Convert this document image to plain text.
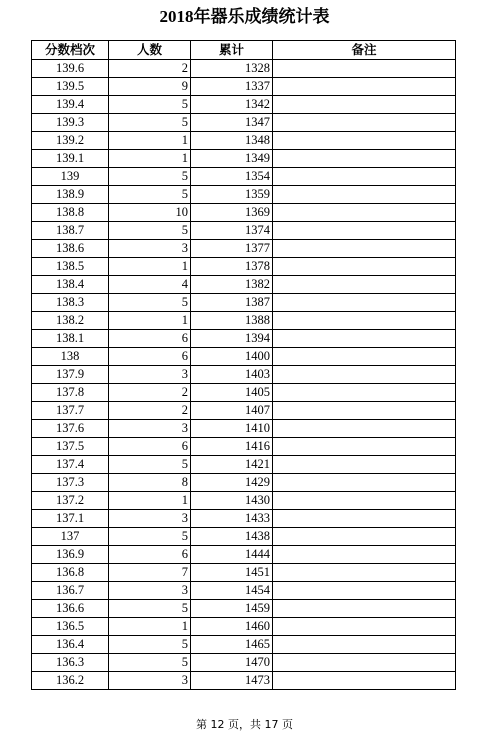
2018年器乐成绩统计表
分数档次	人数	累计	备注
139.6	2	1328	
139.5	9	1337	
139.4	5	1342	
139.3	5	1347	
139.2	1	1348	
139.1	1	1349	
139	5	1354	
138.9	5	1359	
138.8	10	1369	
138.7	5	1374	
138.6	3	1377	
138.5	1	1378	
138.4	4	1382	
138.3	5	1387	
138.2	1	1388	
138.1	6	1394	
138	6	1400	
137.9	3	1403	
137.8	2	1405	
137.7	2	1407	
137.6	3	1410	
137.5	6	1416	
137.4	5	1421	
137.3	8	1429	
137.2	1	1430	
137.1	3	1433	
137	5	1438	
136.9	6	1444	
136.8	7	1451	
136.7	3	1454	
136.6	5	1459	
136.5	1	1460	
136.4	5	1465	
136.3	5	1470	
136.2	3	1473	
第 12 页，共 17 页
